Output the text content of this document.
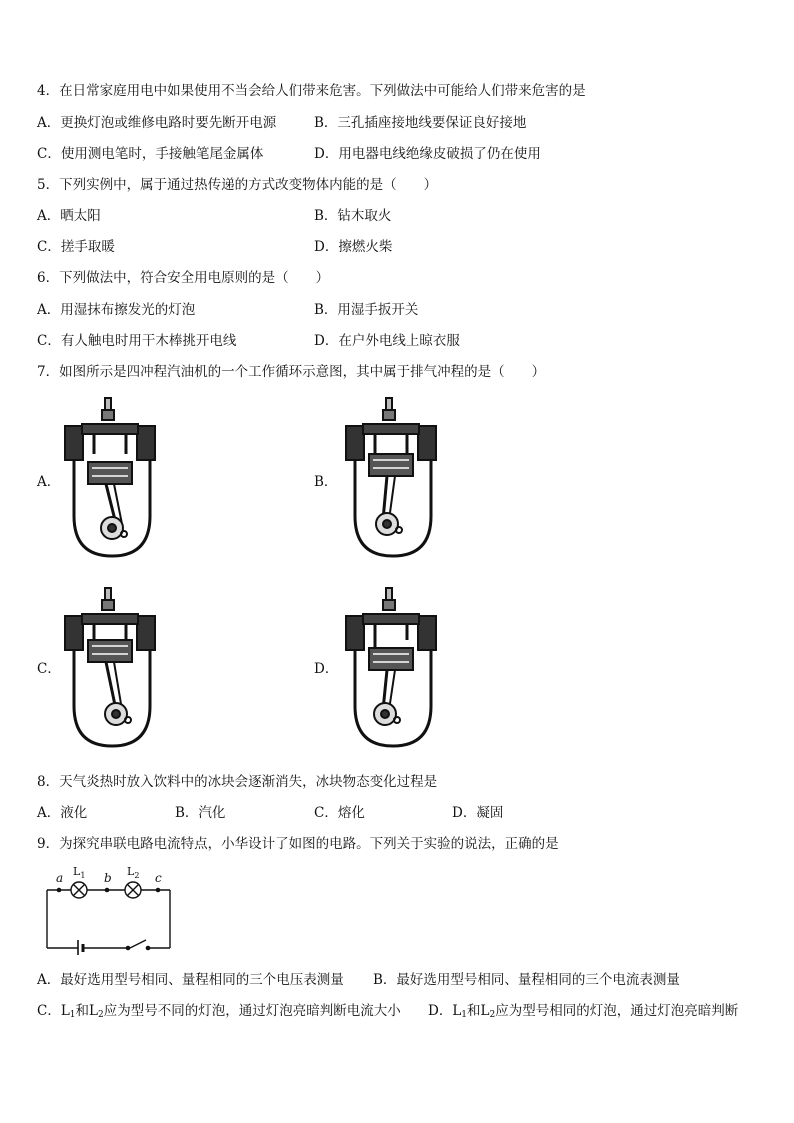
4．在日常家庭用电中如果使用不当会给人们带来危害。下列做法中可能给人们带来危害的是
A．更换灯泡或维修电路时要先断开电源	B．三孔插座接地线要保证良好接地
C．使用测电笔时，手接触笔尾金属体	D．用电器电线绝缘皮破损了仍在使用
5．下列实例中，属于通过热传递的方式改变物体内能的是（　　）
A．晒太阳	B．钻木取火
C．搓手取暖	D．擦燃火柴
6．下列做法中，符合安全用电原则的是（　　）
A．用湿抹布擦发光的灯泡	B．用湿手扳开关
C．有人触电时用干木棒挑开电线	D．在户外电线上晾衣服
7．如图所示是四冲程汽油机的一个工作循环示意图，其中属于排气冲程的是（　　）
A．	B．
C．	D．
8．天气炎热时放入饮料中的冰块会逐渐消失，冰块物态变化过程是
A．液化	B．汽化	C．熔化	D．凝固
9．为探究串联电路电流特点，小华设计了如图的电路。下列关于实验的说法，正确的是
a	b	c
$L_1$	$L_2$
A．最好选用型号相同、量程相同的三个电压表测量 B．最好选用型号相同、量程相同的三个电流表测量
C．$L_1$和$L_2$应为型号不同的灯泡，通过灯泡亮暗判断电流大小 D．$L_1$和$L_2$应为型号相同的灯泡，通过灯泡亮暗判断
